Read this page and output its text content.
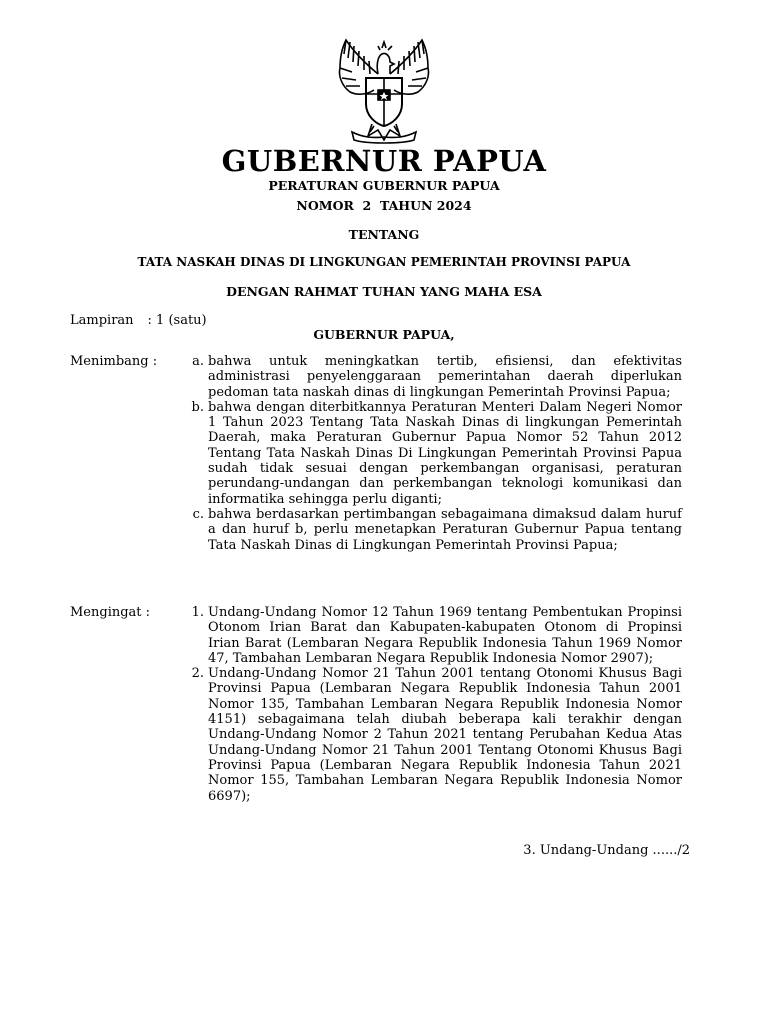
GUBERNUR PAPUA
PERATURAN GUBERNUR PAPUA
NOMOR  2  TAHUN 2024
TENTANG
TATA NASKAH DINAS DI LINGKUNGAN PEMERINTAH PROVINSI PAPUA
DENGAN RAHMAT TUHAN YANG MAHA ESA
Lampiran : 1 (satu)
GUBERNUR PAPUA,
Menimbang :	a. bahwa untuk meningkatkan tertib, efisiensi, dan efektivitas administrasi penyelenggaraan pemerintahan daerah diperlukan pedoman tata naskah dinas di lingkungan Pemerintah Provinsi Papua;
b. bahwa dengan diterbitkannya Peraturan Menteri Dalam Negeri Nomor 1 Tahun 2023 Tentang Tata Naskah Dinas di lingkungan Pemerintah Daerah, maka Peraturan Gubernur Papua Nomor 52 Tahun 2012 Tentang Tata Naskah Dinas Di Lingkungan Pemerintah Provinsi Papua sudah tidak sesuai dengan perkembangan organisasi, peraturan perundang-undangan dan perkembangan teknologi komunikasi dan informatika sehingga perlu diganti;
c. bahwa berdasarkan pertimbangan sebagaimana dimaksud dalam huruf a dan huruf b, perlu menetapkan Peraturan Gubernur Papua tentang Tata Naskah Dinas di Lingkungan Pemerintah Provinsi Papua;
Mengingat :	1. Undang-Undang Nomor 12 Tahun 1969 tentang Pembentukan Propinsi Otonom Irian Barat dan Kabupaten-kabupaten Otonom di Propinsi Irian Barat (Lembaran Negara Republik Indonesia Tahun 1969 Nomor 47, Tambahan Lembaran Negara Republik Indonesia Nomor 2907);
2. Undang-Undang Nomor 21 Tahun 2001 tentang Otonomi Khusus Bagi Provinsi Papua (Lembaran Negara Republik Indonesia Tahun 2001 Nomor 135, Tambahan Lembaran Negara Republik Indonesia Nomor 4151) sebagaimana telah diubah beberapa kali terakhir dengan Undang-Undang Nomor 2 Tahun 2021 tentang Perubahan Kedua Atas Undang-Undang Nomor 21 Tahun 2001 Tentang Otonomi Khusus Bagi Provinsi Papua (Lembaran Negara Republik Indonesia Tahun 2021 Nomor 155, Tambahan Lembaran Negara Republik Indonesia Nomor 6697);
3. Undang-Undang ....../2
